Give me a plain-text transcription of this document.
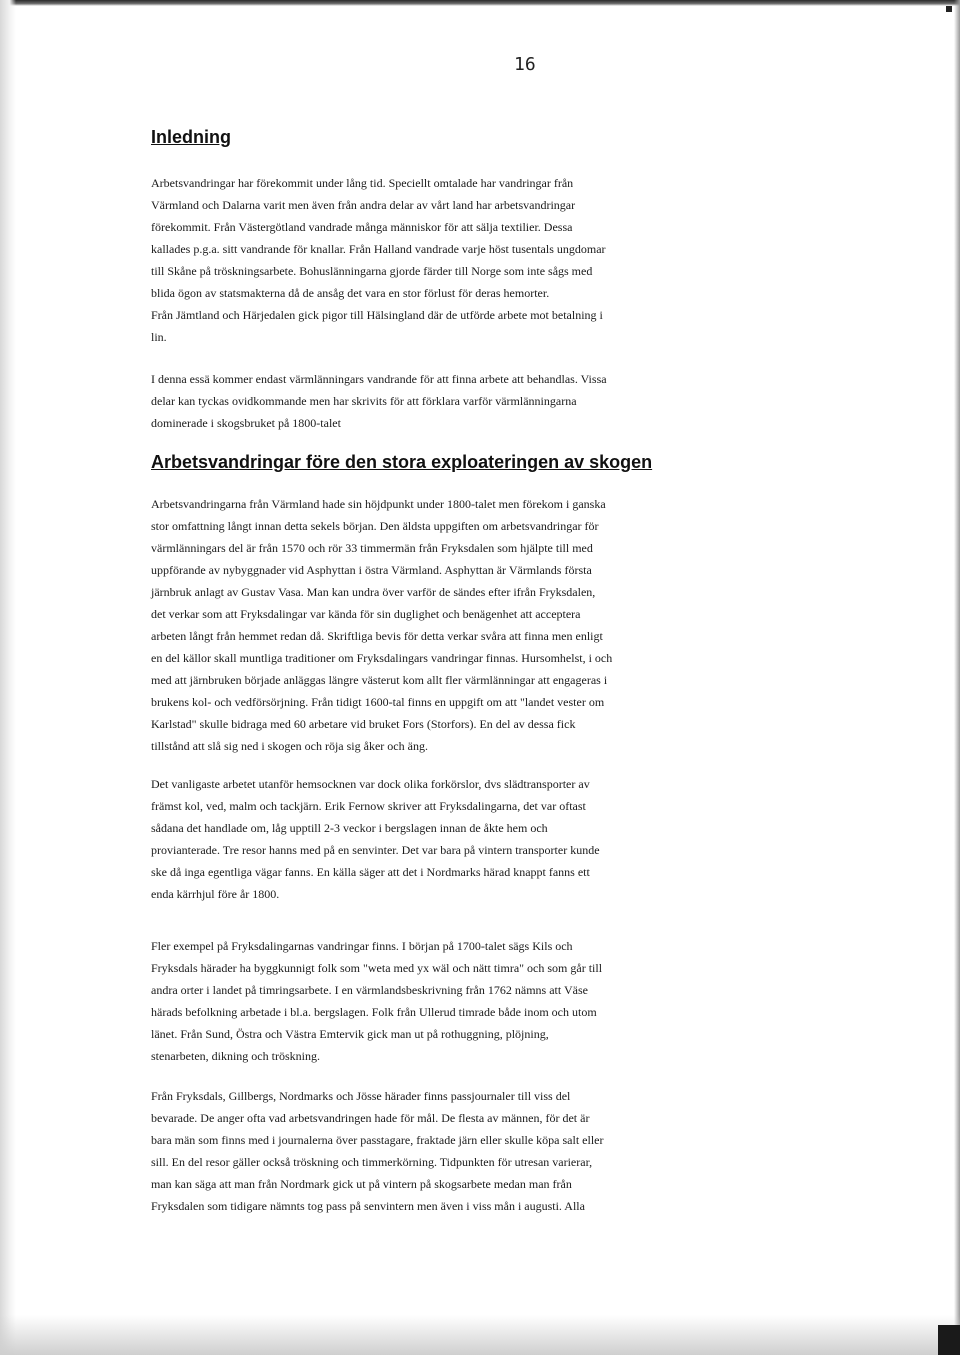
16
Inledning

Arbetsvandringar har förekommit under lång tid. Speciellt omtalade har vandringar från
Värmland och Dalarna varit men även från andra delar av vårt land har arbetsvandringar
förekommit. Från Västergötland vandrade många människor för att sälja textilier. Dessa
kallades p.g.a. sitt vandrande för knallar. Från Halland vandrade varje höst tusentals ungdomar
till Skåne på tröskningsarbete. Bohuslänningarna gjorde färder till Norge som inte sågs med
blida ögon av statsmakterna då de ansåg det vara en stor förlust för deras hemorter.
Från Jämtland och Härjedalen gick pigor till Hälsingland där de utförde arbete mot betalning i
lin.

I denna essä kommer endast värmlänningars vandrande för att finna arbete att behandlas. Vissa
delar kan tyckas ovidkommande men har skrivits för att förklara varför värmlänningarna
dominerade i skogsbruket på 1800-talet

Arbetsvandringar före den stora exploateringen av skogen

Arbetsvandringarna från Värmland hade sin höjdpunkt under 1800-talet men förekom i ganska
stor omfattning långt innan detta sekels början. Den äldsta uppgiften om arbetsvandringar för
värmlänningars del är från 1570 och rör 33 timmermän från Fryksdalen som hjälpte till med
uppförande av nybyggnader vid Asphyttan i östra Värmland. Asphyttan är Värmlands första
järnbruk anlagt av Gustav Vasa. Man kan undra över varför de sändes efter ifrån Fryksdalen,
det verkar som att Fryksdalingar var kända för sin duglighet och benägenhet att acceptera
arbeten långt från hemmet redan då. Skriftliga bevis för detta verkar svåra att finna men enligt
en del källor skall muntliga traditioner om Fryksdalingars vandringar finnas. Hursomhelst, i och
med att järnbruken började anläggas längre västerut kom allt fler värmlänningar att engageras i
brukens kol- och vedförsörjning. Från tidigt 1600-tal finns en uppgift om att "landet vester om
Karlstad" skulle bidraga med 60 arbetare vid bruket Fors (Storfors). En del av dessa fick
tillstånd att slå sig ned i skogen och röja sig åker och äng.

Det vanligaste arbetet utanför hemsocknen var dock olika forkörslor, dvs slädtransporter av
främst kol, ved, malm och tackjärn. Erik Fernow skriver att Fryksdalingarna, det var oftast
sådana det handlade om, låg upptill 2-3 veckor i bergslagen innan de åkte hem och
provianterade. Tre resor hanns med på en senvinter. Det var bara på vintern transporter kunde
ske då inga egentliga vägar fanns. En källa säger att det i Nordmarks härad knappt fanns ett
enda kärrhjul före år 1800.

Fler exempel på Fryksdalingarnas vandringar finns. I början på 1700-talet sägs Kils och
Fryksdals härader ha byggkunnigt folk som "weta med yx wäl och nätt timra" och som går till
andra orter i landet på timringsarbete. I en värmlandsbeskrivning från 1762 nämns att Väse
härads befolkning arbetade i bl.a. bergslagen. Folk från Ullerud timrade både inom och utom
länet. Från Sund, Östra och Västra Emtervik gick man ut på rothuggning, plöjning,
stenarbeten, dikning och tröskning.

Från Fryksdals, Gillbergs, Nordmarks och Jösse härader finns passjournaler till viss del
bevarade. De anger ofta vad arbetsvandringen hade för mål. De flesta av männen, för det är
bara män som finns med i journalerna över passtagare, fraktade järn eller skulle köpa salt eller
sill. En del resor gäller också tröskning och timmerkörning. Tidpunkten för utresan varierar,
man kan säga att man från Nordmark gick ut på vintern på skogsarbete medan man från
Fryksdalen som tidigare nämnts tog pass på senvintern men även i viss mån i augusti. Alla
